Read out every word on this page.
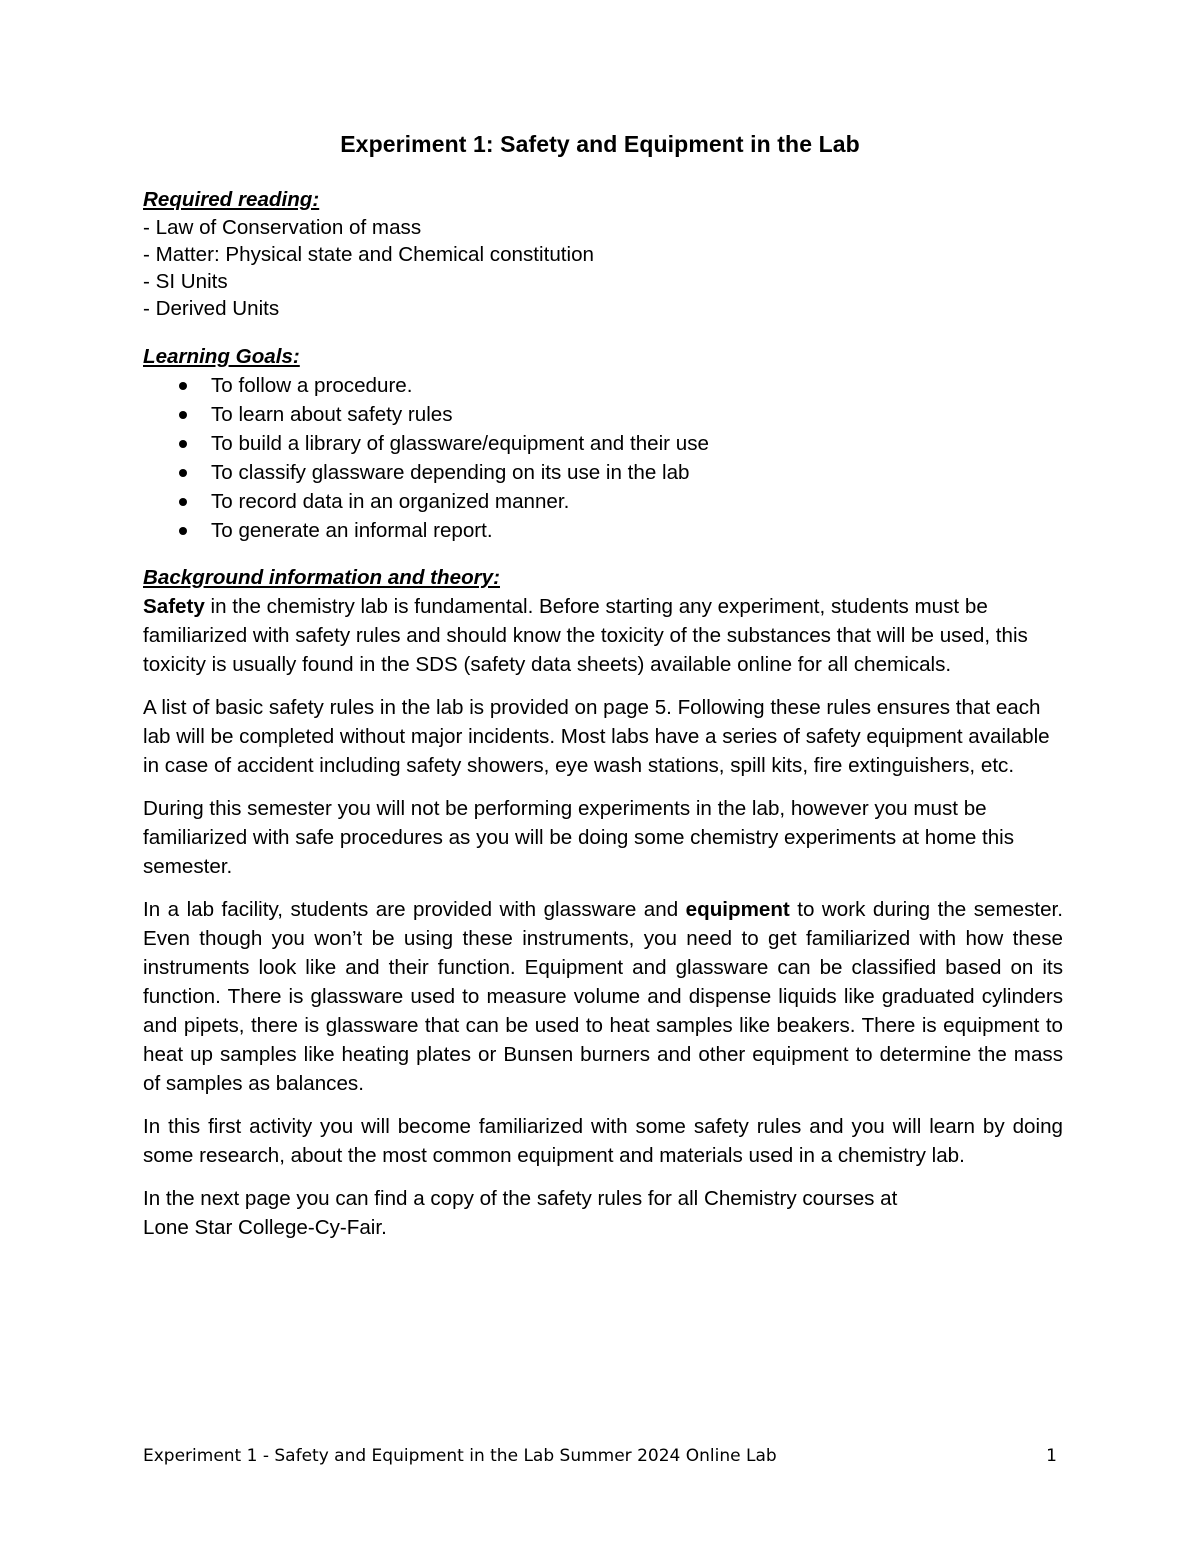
Experiment 1: Safety and Equipment in the Lab

Required reading:

- Law of Conservation of mass

- Matter: Physical state and Chemical constitution

- SI Units

- Derived Units

Learning Goals:

To follow a procedure.
To learn about safety rules
To build a library of glassware/equipment and their use
To classify glassware depending on its use in the lab
To record data in an organized manner.
To generate an informal report.

Background information and theory:

Safety in the chemistry lab is fundamental. Before starting any experiment, students must be familiarized with safety rules and should know the toxicity of the substances that will be used, this toxicity is usually found in the SDS (safety data sheets) available online for all chemicals.

A list of basic safety rules in the lab is provided on page 5. Following these rules ensures that each lab will be completed without major incidents. Most labs have a series of safety equipment available in case of accident including safety showers, eye wash stations, spill kits, fire extinguishers, etc.

During this semester you will not be performing experiments in the lab, however you must be familiarized with safe procedures as you will be doing some chemistry experiments at home this semester.

In a lab facility, students are provided with glassware and equipment to work during the semester. Even though you won’t be using these instruments, you need to get familiarized with how these instruments look like and their function. Equipment and glassware can be classified based on its function. There is glassware used to measure volume and dispense liquids like graduated cylinders and pipets, there is glassware that can be used to heat samples like beakers. There is equipment to heat up samples like heating plates or Bunsen burners and other equipment to determine the mass of samples as balances.

In this first activity you will become familiarized with some safety rules and you will learn by doing some research, about the most common equipment and materials used in a chemistry lab.

In the next page you can find a copy of the safety rules for all Chemistry courses at
Lone Star College-Cy-Fair.

Experiment 1 - Safety and Equipment in the Lab Summer 2024 Online Lab	1
